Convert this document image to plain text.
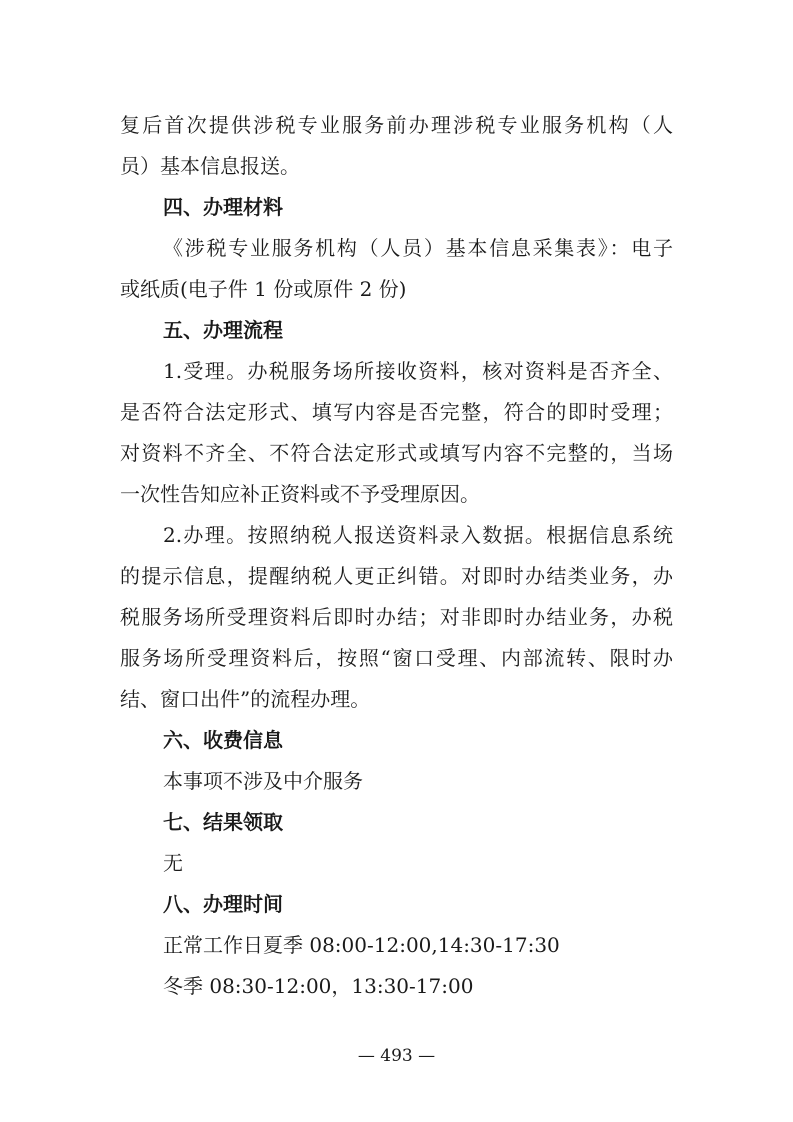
复后首次提供涉税专业服务前办理涉税专业服务机构（人
员）基本信息报送。
四、办理材料
《涉税专业服务机构（人员）基本信息采集表》：电子
或纸质(电子件 1 份或原件 2 份)
五、办理流程
1.受理。办税服务场所接收资料，核对资料是否齐全、
是否符合法定形式、填写内容是否完整，符合的即时受理；
对资料不齐全、不符合法定形式或填写内容不完整的，当场
一次性告知应补正资料或不予受理原因。
2.办理。按照纳税人报送资料录入数据。根据信息系统
的提示信息，提醒纳税人更正纠错。对即时办结类业务，办
税服务场所受理资料后即时办结；对非即时办结业务，办税
服务场所受理资料后，按照“窗口受理、内部流转、限时办
结、窗口出件”的流程办理。
六、收费信息
本事项不涉及中介服务
七、结果领取
无
八、办理时间
正常工作日夏季 08:00-12:00,14:30-17:30
冬季 08:30-12:00，13:30-17:00
— 493 —
